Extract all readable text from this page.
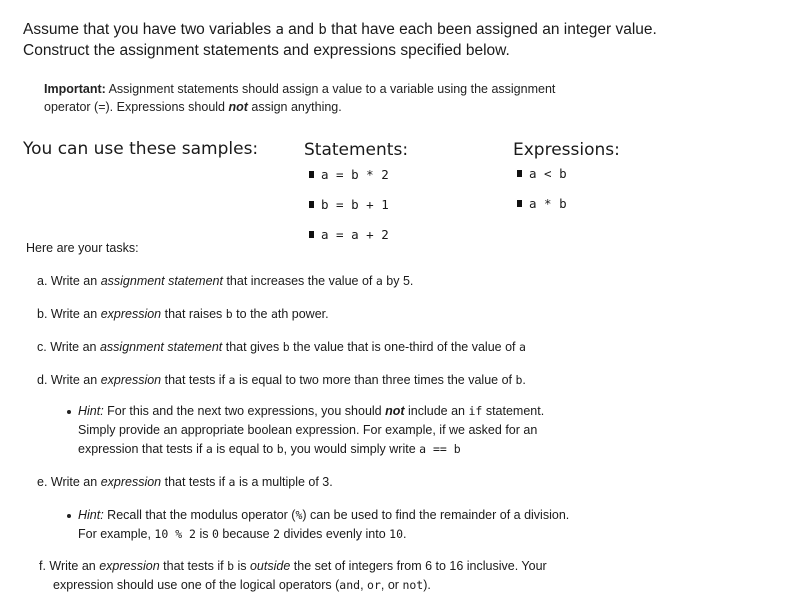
Assume that you have two variables a and b that have each been assigned an integer value.
Construct the assignment statements and expressions specified below.
Important: Assignment statements should assign a value to a variable using the assignment
operator (=). Expressions should not assign anything.
You can use these samples:	Statements:	Expressions:
a = b * 2
b = b + 1
a = a + 2
a < b
a * b
Here are your tasks:
a. Write an assignment statement that increases the value of a by 5.
b. Write an expression that raises b to the ath power.
c. Write an assignment statement that gives b the value that is one-third of the value of a
d. Write an expression that tests if a is equal to two more than three times the value of b.
Hint: For this and the next two expressions, you should not include an if statement.
Simply provide an appropriate boolean expression. For example, if we asked for an
expression that tests if a is equal to b, you would simply write a == b
e. Write an expression that tests if a is a multiple of 3.
Hint: Recall that the modulus operator (%) can be used to find the remainder of a division.
For example, 10 % 2 is 0 because 2 divides evenly into 10.
f. Write an expression that tests if b is outside the set of integers from 6 to 16 inclusive. Your
expression should use one of the logical operators (and, or, or not).
